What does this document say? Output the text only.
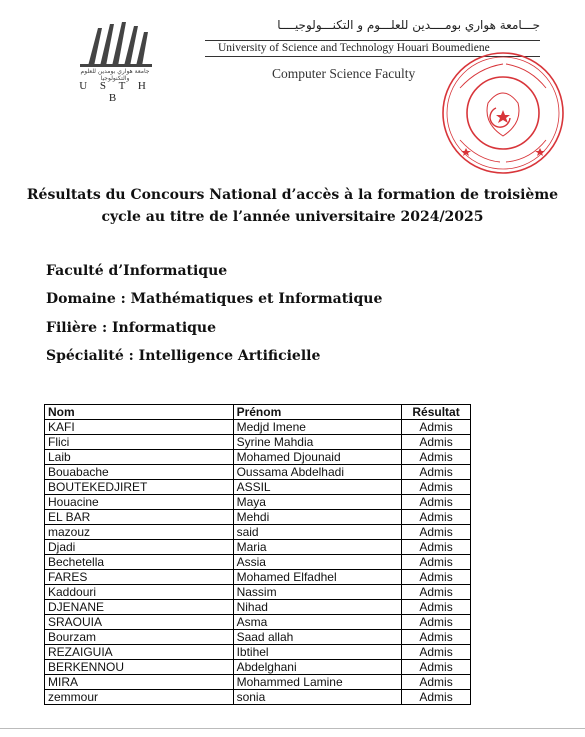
جامعة هواري بومدين للعلوم والتكنولوجيا
U S T H B
جـــامعة هواري بومــــدين للعلـــوم و التكنـــولوجيــــا
University of Science and Technology Houari Boumediene
Computer Science Faculty
Résultats du Concours National d’accès à la formation de troisième
cycle au titre de l’année universitaire 2024/2025
Faculté d’Informatique
Domaine : Mathématiques et Informatique
Filière : Informatique
Spécialité : Intelligence Artificielle
Nom	Prénom	Résultat
KAFI	Medjd Imene	Admis
Flici	Syrine Mahdia	Admis
Laib	Mohamed Djounaid	Admis
Bouabache	Oussama Abdelhadi	Admis
BOUTEKEDJIRET	ASSIL	Admis
Houacine	Maya	Admis
EL BAR	Mehdi	Admis
mazouz	said	Admis
Djadi	Maria	Admis
Bechetella	Assia	Admis
FARES	Mohamed Elfadhel	Admis
Kaddouri	Nassim	Admis
DJENANE	Nihad	Admis
SRAOUIA	Asma	Admis
Bourzam	Saad allah	Admis
REZAIGUIA	Ibtihel	Admis
BERKENNOU	Abdelghani	Admis
MIRA	Mohammed Lamine	Admis
zemmour	sonia	Admis
